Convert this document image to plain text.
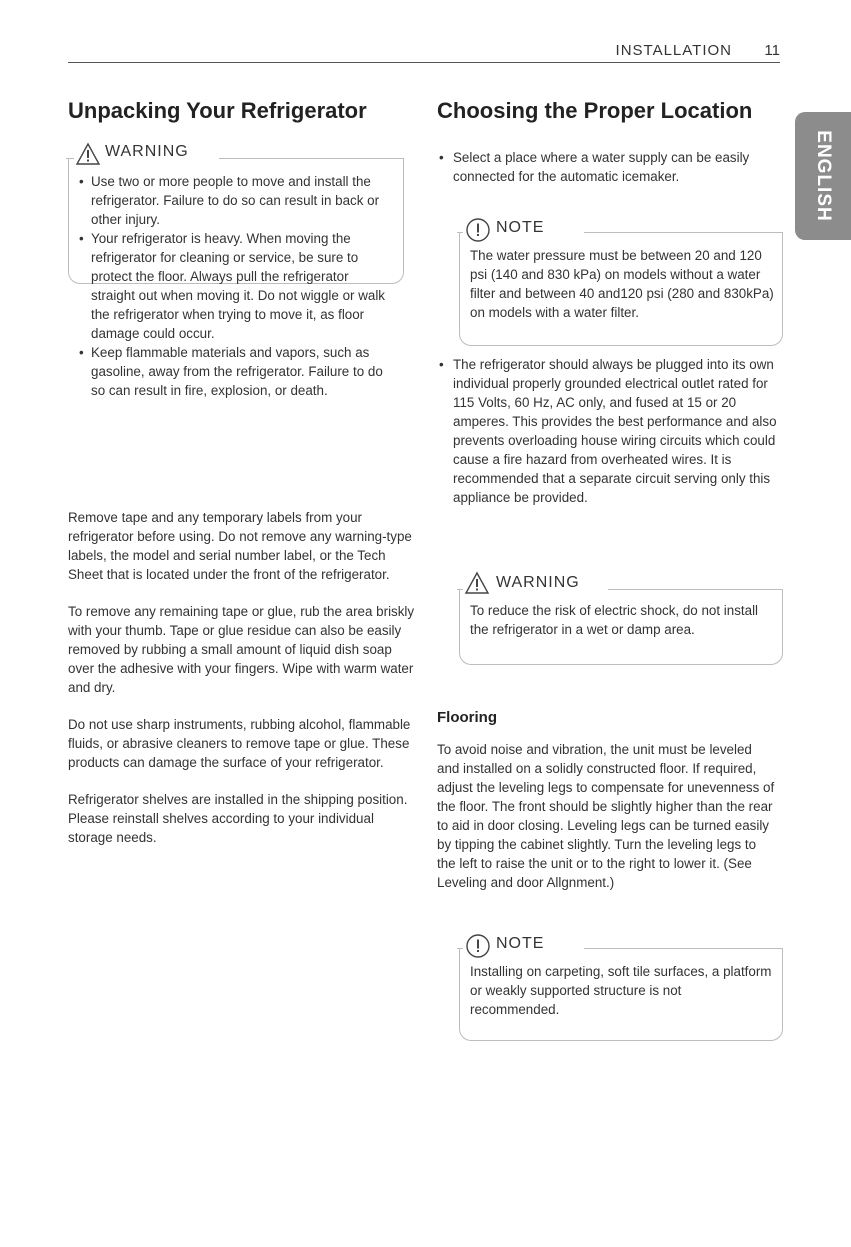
INSTALLATION 11
ENGLISH
Unpacking Your Refrigerator
WARNING
• Use two or more people to move and install the refrigerator. Failure to do so can result in back or other injury.
• Your refrigerator is heavy. When moving the refrigerator for cleaning or service, be sure to protect the floor. Always pull the refrigerator straight out when moving it. Do not wiggle or walk the refrigerator when trying to move it, as floor damage could occur.
• Keep flammable materials and vapors, such as gasoline, away from the refrigerator. Failure to do so can result in fire, explosion, or death.

Remove tape and any temporary labels from your refrigerator before using. Do not remove any warning-type labels, the model and serial number label, or the Tech Sheet that is located under the front of the refrigerator.

To remove any remaining tape or glue, rub the area briskly with your thumb. Tape or glue residue can also be easily removed by rubbing a small amount of liquid dish soap over the adhesive with your fingers. Wipe with warm water and dry.

Do not use sharp instruments, rubbing alcohol, flammable fluids, or abrasive cleaners to remove tape or glue. These products can damage the surface of your refrigerator.

Refrigerator shelves are installed in the shipping position. Please reinstall shelves according to your individual storage needs.

Choosing the Proper Location
• Select a place where a water supply can be easily connected for the automatic icemaker.
NOTE
The water pressure must be between 20 and 120 psi (140 and 830 kPa) on models without a water filter and between 40 and120 psi (280 and 830kPa) on models with a water filter.
• The refrigerator should always be plugged into its own individual properly grounded electrical outlet rated for 115 Volts, 60 Hz, AC only, and fused at 15 or 20 amperes. This provides the best performance and also prevents overloading house wiring circuits which could cause a fire hazard from overheated wires. It is recommended that a separate circuit serving only this appliance be provided.
WARNING
To reduce the risk of electric shock, do not install the refrigerator in a wet or damp area.
Flooring
To avoid noise and vibration, the unit must be leveled and installed on a solidly constructed floor. If required, adjust the leveling legs to compensate for unevenness of the floor. The front should be slightly higher than the rear to aid in door closing. Leveling legs can be turned easily by tipping the cabinet slightly. Turn the leveling legs to the left to raise the unit or to the right to lower it. (See Leveling and door Allgnment.)
NOTE
Installing on carpeting, soft tile surfaces, a platform or weakly supported structure is not recommended.
